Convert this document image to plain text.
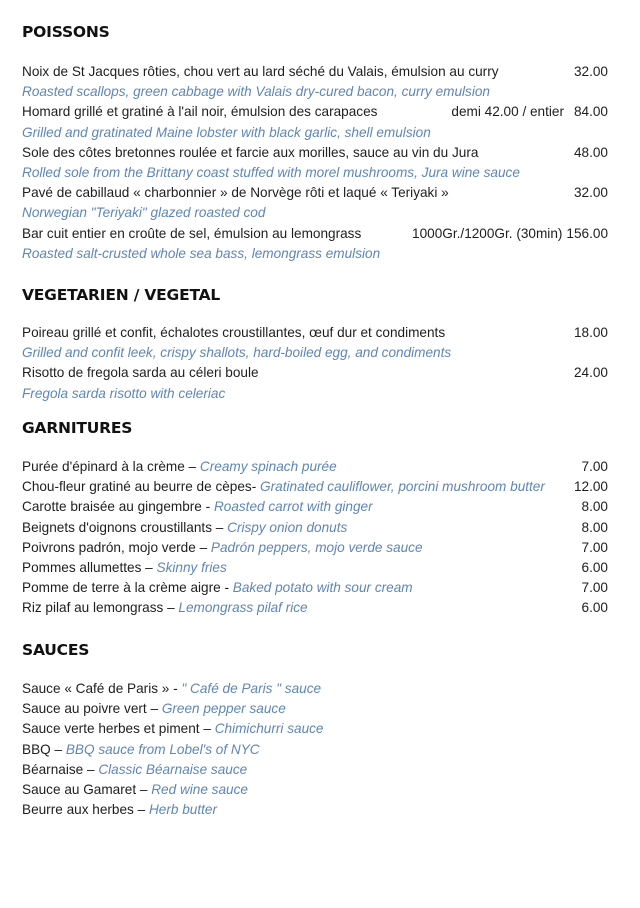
POISSONS
Noix de St Jacques rôties, chou vert au lard séché du Valais, émulsion au curry	32.00
Roasted scallops, green cabbage with Valais dry-cured bacon, curry emulsion
Homard grillé et gratiné à l'ail noir, émulsion des carapaces	demi 42.00 / entier 84.00
Grilled and gratinated Maine lobster with black garlic, shell emulsion
Sole des côtes bretonnes roulée et farcie aux morilles, sauce au vin du Jura	48.00
Rolled sole from the Brittany coast stuffed with morel mushrooms, Jura wine sauce
Pavé de cabillaud « charbonnier » de Norvège rôti et laqué « Teriyaki »	32.00
Norwegian "Teriyaki" glazed roasted cod
Bar cuit entier en croûte de sel, émulsion au lemongrass	1000Gr./1200Gr. (30min) 156.00
Roasted salt-crusted whole sea bass, lemongrass emulsion
VEGETARIEN / VEGETAL
Poireau grillé et confit, échalotes croustillantes, œuf dur et condiments	18.00
Grilled and confit leek, crispy shallots, hard-boiled egg, and condiments
Risotto de fregola sarda au céleri boule	24.00
Fregola sarda risotto with celeriac
GARNITURES
Purée d'épinard à la crème – Creamy spinach purée	7.00
Chou-fleur gratiné au beurre de cèpes- Gratinated cauliflower, porcini mushroom butter	12.00
Carotte braisée au gingembre - Roasted carrot with ginger	8.00
Beignets d'oignons croustillants – Crispy onion donuts	8.00
Poivrons padrón, mojo verde – Padrón peppers, mojo verde sauce	7.00
Pommes allumettes – Skinny fries	6.00
Pomme de terre à la crème aigre - Baked potato with sour cream	7.00
Riz pilaf au lemongrass – Lemongrass pilaf rice	6.00
SAUCES
Sauce « Café de Paris » - " Café de Paris " sauce
Sauce au poivre vert – Green pepper sauce
Sauce verte herbes et piment – Chimichurri sauce
BBQ – BBQ sauce from Lobel's of NYC
Béarnaise – Classic Béarnaise sauce
Sauce au Gamaret – Red wine sauce
Beurre aux herbes – Herb butter
